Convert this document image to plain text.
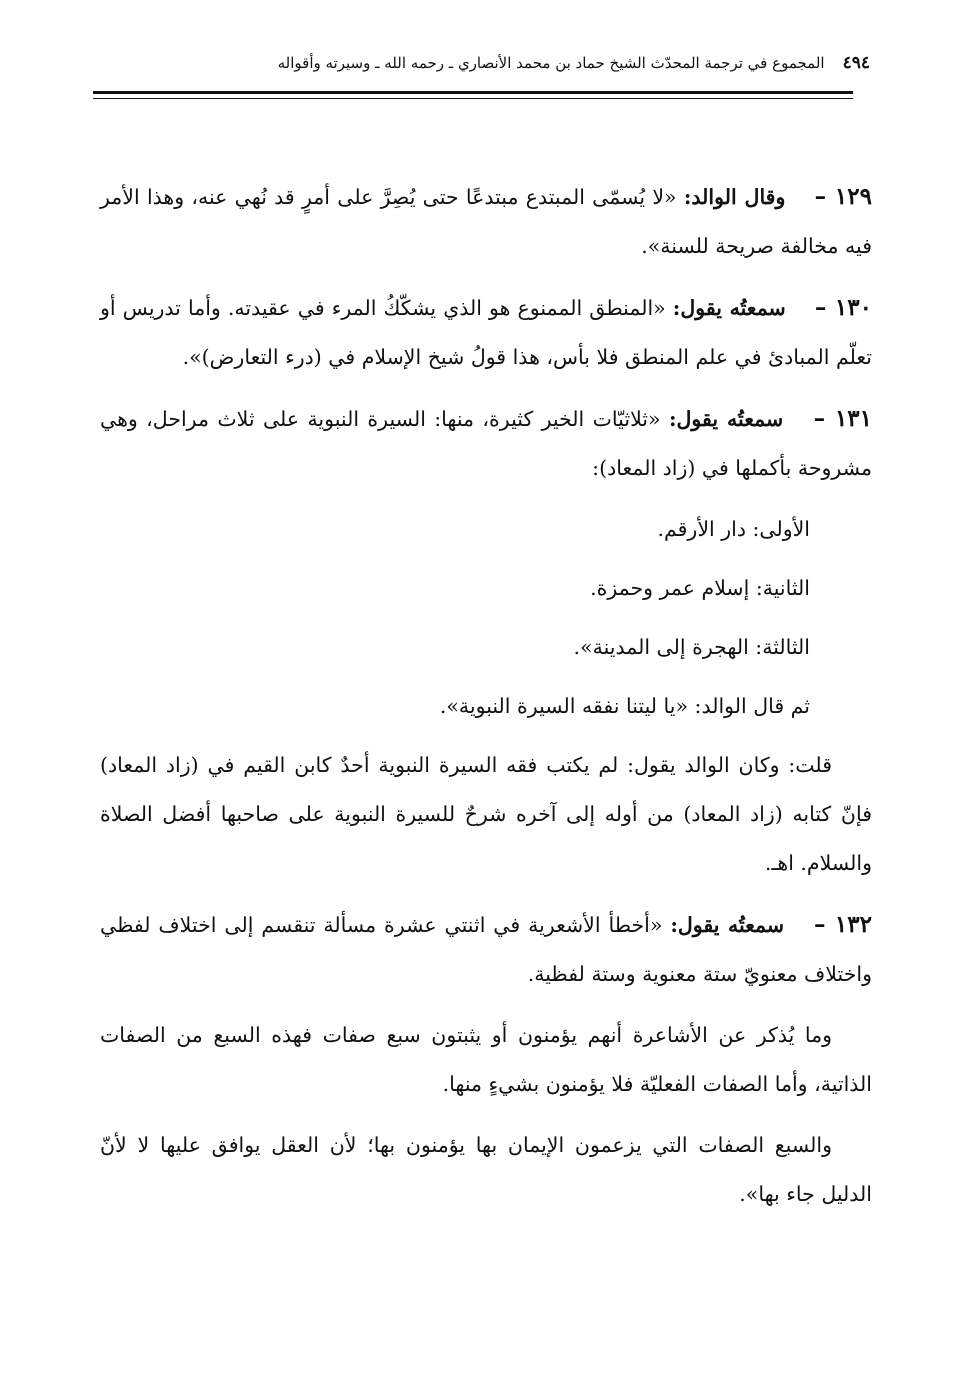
٤٩٤
المجموع في ترجمة المحدّث الشيخ حماد بن محمد الأنصاري ـ رحمه الله ـ وسيرته وأقواله

١٢٩ – وقال الوالد: «لا يُسمّى المبتدع مبتدعًا حتى يُصِرَّ على أمرٍ قد نُهي عنه، وهذا الأمر فيه مخالفة صريحة للسنة».

١٣٠ – سمعتُه يقول: «المنطق الممنوع هو الذي يشكّكُ المرء في عقيدته. وأما تدريس أو تعلّم المبادئ في علم المنطق فلا بأس، هذا قولُ شيخ الإسلام في (درء التعارض)».

١٣١ – سمعتُه يقول: «ثلاثيّات الخير كثيرة، منها: السيرة النبوية على ثلاث مراحل، وهي مشروحة بأكملها في (زاد المعاد):

الأولى: دار الأرقم.

الثانية: إسلام عمر وحمزة.

الثالثة: الهجرة إلى المدينة».

ثم قال الوالد: «يا ليتنا نفقه السيرة النبوية».

قلت: وكان الوالد يقول: لم يكتب فقه السيرة النبوية أحدٌ كابن القيم في (زاد المعاد) فإنّ كتابه (زاد المعاد) من أوله إلى آخره شرحٌ للسيرة النبوية على صاحبها أفضل الصلاة والسلام. اهـ.

١٣٢ – سمعتُه يقول: «أخطأ الأشعرية في اثنتي عشرة مسألة تنقسم إلى اختلاف لفظي واختلاف معنويّ ستة معنوية وستة لفظية.

وما يُذكر عن الأشاعرة أنهم يؤمنون أو يثبتون سبع صفات فهذه السبع من الصفات الذاتية، وأما الصفات الفعليّة فلا يؤمنون بشيءٍ منها.

والسبع الصفات التي يزعمون الإيمان بها يؤمنون بها؛ لأن العقل يوافق عليها لا لأنّ الدليل جاء بها».
